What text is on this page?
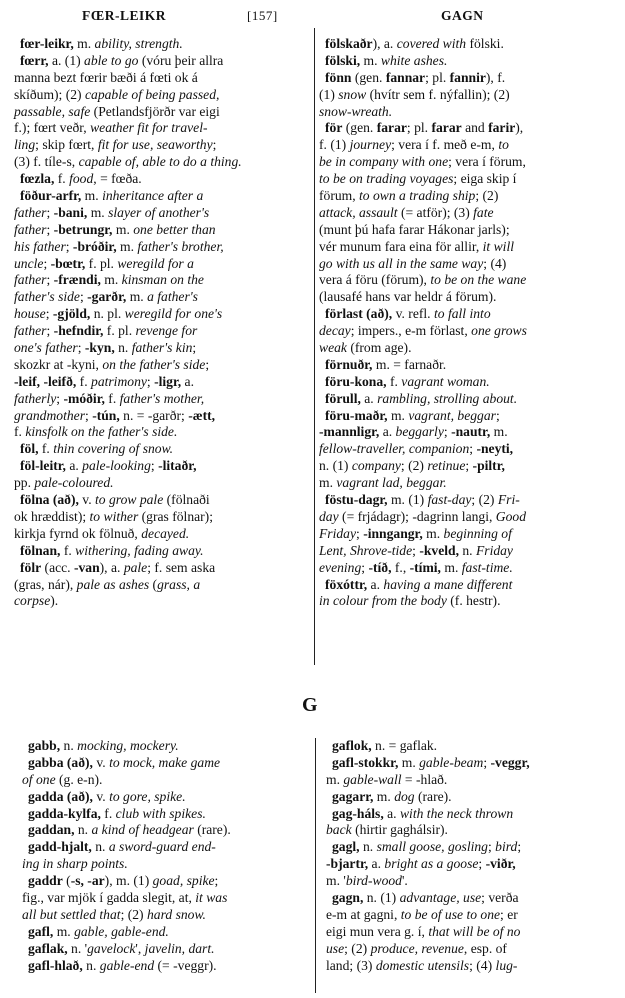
FŒR-LEIKR	[157]	GAGN
fœr-leikr, m. ability, strength.
fœrr, a. (1) able to go (vóru þeir allra
manna bezt fœrir bæði á fœti ok á
skíðum); (2) capable of being passed,
passable, safe (Petlandsfjörðr var eigi
f.); fœrt veðr, weather fit for travel-
ling; skip fœrt, fit for use, seaworthy;
(3) f. tíle-s, capable of, able to do a thing.
fœzla, f. food, = fœða.
föður-arfr, m. inheritance after a
father; -bani, m. slayer of another's
father; -betrungr, m. one better than
his father; -bróðir, m. father's brother,
uncle; -bœtr, f. pl. weregild for a
father; -frændi, m. kinsman on the
father's side; -garðr, m. a father's
house; -gjöld, n. pl. weregild for one's
father; -hefndir, f. pl. revenge for
one's father; -kyn, n. father's kin;
skozkr at -kyni, on the father's side;
-leif, -leifð, f. patrimony; -ligr, a.
fatherly; -móðir, f. father's mother,
grandmother; -tún, n. = -garðr; -ætt,
f. kinsfolk on the father's side.
föl, f. thin covering of snow.
föl-leitr, a. pale-looking; -litaðr,
pp. pale-coloured.
fölna (að), v. to grow pale (fölnaði
ok hræddist); to wither (gras fölnar);
kirkja fyrnd ok fölnuð, decayed.
fölnan, f. withering, fading away.
fölr (acc. -van), a. pale; f. sem aska
(gras, nár), pale as ashes (grass, a
corpse).
fölskaðr), a. covered with fölski.
fölski, m. white ashes.
fönn (gen. fannar; pl. fannir), f.
(1) snow (hvítr sem f. nýfallin); (2)
snow-wreath.
för (gen. farar; pl. farar and farir),
f. (1) journey; vera í f. með e-m, to
be in company with one; vera í förum,
to be on trading voyages; eiga skip í
förum, to own a trading ship; (2)
attack, assault (= atför); (3) fate
(munt þú hafa farar Hákonar jarls);
vér munum fara eina för allir, it will
go with us all in the same way; (4)
vera á föru (förum), to be on the wane
(lausafé hans var heldr á förum).
förlast (að), v. refl. to fall into
decay; impers., e-m förlast, one grows
weak (from age).
förnuðr, m. = farnaðr.
föru-kona, f. vagrant woman.
förull, a. rambling, strolling about.
föru-maðr, m. vagrant, beggar;
-mannligr, a. beggarly; -nautr, m.
fellow-traveller, companion; -neyti,
n. (1) company; (2) retinue; -piltr,
m. vagrant lad, beggar.
föstu-dagr, m. (1) fast-day; (2) Fri-
day (= frjádagr); -dagrinn langi, Good
Friday; -inngangr, m. beginning of
Lent, Shrove-tide; -kveld, n. Friday
evening; -tíð, f., -tími, m. fast-time.
föxóttr, a. having a mane different
in colour from the body (f. hestr).
G
gabb, n. mocking, mockery.
gabba (að), v. to mock, make game
of one (g. e-n).
gadda (að), v. to gore, spike.
gadda-kylfa, f. club with spikes.
gaddan, n. a kind of headgear (rare).
gadd-hjalt, n. a sword-guard end-
ing in sharp points.
gaddr (-s, -ar), m. (1) goad, spike;
fig., var mjök í gadda slegit, at, it was
all but settled that; (2) hard snow.
gafl, m. gable, gable-end.
gaflak, n. 'gavelock', javelin, dart.
gafl-hlað, n. gable-end (= -veggr).
gaflok, n. = gaflak.
gafl-stokkr, m. gable-beam; -veggr,
m. gable-wall = -hlað.
gagarr, m. dog (rare).
gag-háls, a. with the neck thrown
back (hirtir gaghálsir).
gagl, n. small goose, gosling; bird;
-bjartr, a. bright as a goose; -viðr,
m. 'bird-wood'.
gagn, n. (1) advantage, use; verða
e-m at gagni, to be of use to one; er
eigi mun vera g. í, that will be of no
use; (2) produce, revenue, esp. of
land; (3) domestic utensils; (4) lug-
